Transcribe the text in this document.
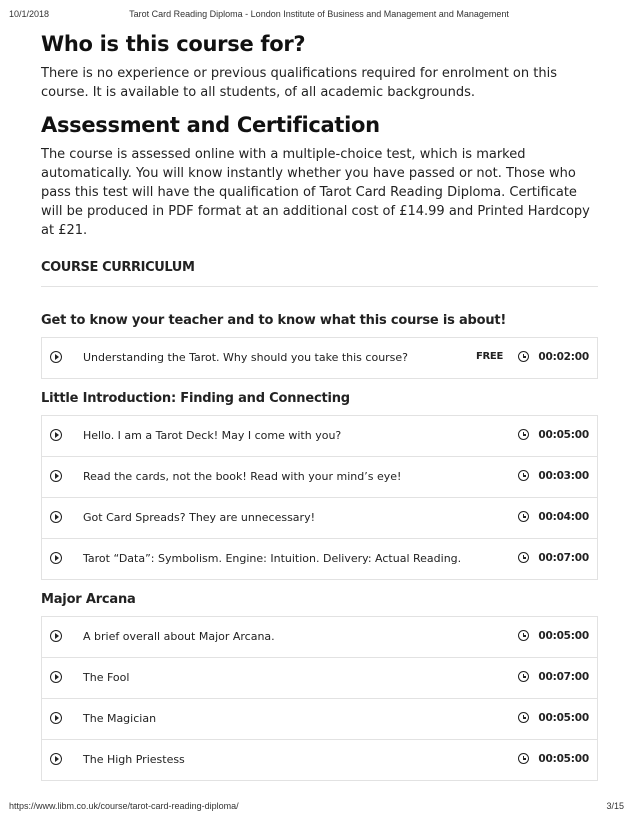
10/1/2018	Tarot Card Reading Diploma - London Institute of Business and Management and Management
Who is this course for?

There is no experience or previous qualifications required for enrolment on this course. It is available to all students, of all academic backgrounds.

Assessment and Certification

The course is assessed online with a multiple-choice test, which is marked automatically. You will know instantly whether you have passed or not. Those who pass this test will have the qualification of Tarot Card Reading Diploma. Certificate will be produced in PDF format at an additional cost of £14.99 and Printed Hardcopy at £21.

COURSE CURRICULUM
Get to know your teacher and to know what this course is about!
Understanding the Tarot. Why should you take this course?	FREE	00:02:00
Little Introduction: Finding and Connecting
Hello. I am a Tarot Deck! May I come with you?	00:05:00
Read the cards, not the book! Read with your mind’s eye!	00:03:00
Got Card Spreads? They are unnecessary!	00:04:00
Tarot “Data”: Symbolism. Engine: Intuition. Delivery: Actual Reading.	00:07:00
Major Arcana
A brief overall about Major Arcana.	00:05:00
The Fool	00:07:00
The Magician	00:05:00
The High Priestess	00:05:00
https://www.libm.co.uk/course/tarot-card-reading-diploma/	3/15
